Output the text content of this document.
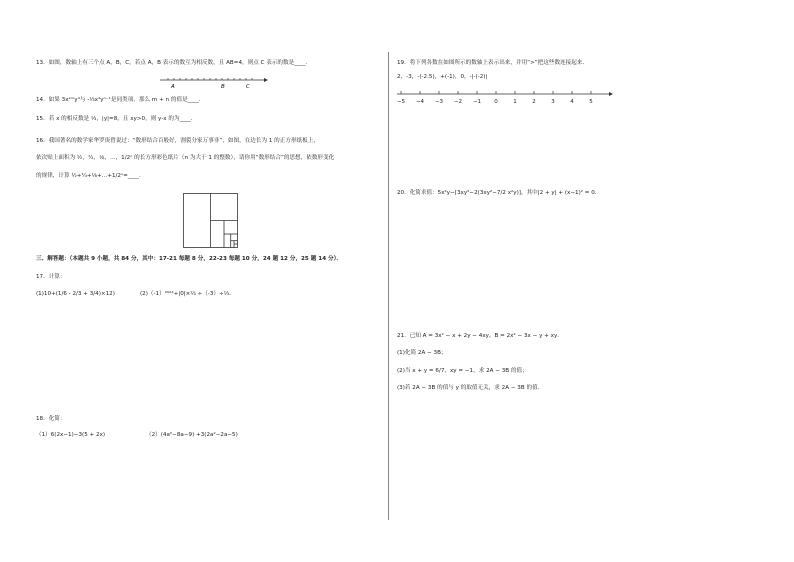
13．如图，数轴上有三个点 A，B，C，若点 A，B 表示的数互为相反数，且 AB=4，则点 C 表示的数是____．
A	B	C
14．如果 3x²ᵐy⁴与 -⅓x⁴yⁿ⁻¹是同类项，那么 m + n 的值是____．
15．若 x 的相反数是 ⅓，|y|=8，且 xy>0，则 y-x 的为____．
16．我国著名的数学家华罗庚曾说过：“数形结合百般好，割裂分家万事非”，如图，在边长为 1 的正方形纸板上，
依次贴上面积为 ½，¼，⅛，…，1/2ⁿ 的长方形彩色纸片（n 为大于 1 的整数），请你用“数形结合”的思想，依数形变化
的规律，计算 ½+¼+⅛+…+1/2ⁿ=____．
三、解答题：（本题共 9 小题，共 84 分，其中：17-21 每题 8 分，22-23 每题 10 分，24 题 12 分，25 题 14 分）．
17．计算：
(1)10+(1/6 - 2/3 + 3/4)×12)	(2)（-1）²⁰²⁴+|0|×⅔ ÷（-3）÷⅓．
18．化简：
（1）6(2x−1)−3(5 + 2x)	（2）(4a²−8a−9) +3(2a²−2a−5)
19．将下列各数在如图所示的数轴上表示出来，并用“>”把这些数连接起来．
2，-3，-(-2.5)，+(-1)，0，-|-(-2)|
−5 −4 −3 −2 −1 0	1	2	3	4	5
20．化简求值：5x²y−[3xy²−2(3xy²−7/2 x²y)]，其中|2 + y| + (x−1)² = 0．
21．已知 A = 3x² − x + 2y − 4xy，B = 2x² − 3x − y + xy．
(1)化简 2A − 3B；
(2)当 x + y = 6/7，xy = −1，求 2A − 3B 的值；
(3)若 2A − 3B 的值与 y 的取值无关，求 2A − 3B 的值．
